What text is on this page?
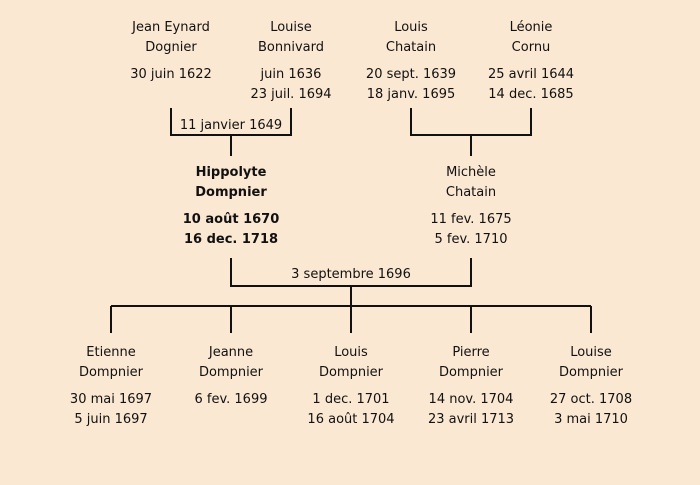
Jean Eynard
Dognier
30 juin 1622
Louise
Bonnivard
juin 1636
23 juil. 1694
Louis
Chatain
20 sept. 1639
18 janv. 1695
Léonie
Cornu
25 avril 1644
14 dec. 1685
11 janvier 1649
Hippolyte
Dompnier
10 août 1670
16 dec. 1718
Michèle
Chatain
11 fev. 1675
5 fev. 1710
3 septembre 1696
Etienne
Dompnier
30 mai 1697
5 juin 1697
Jeanne
Dompnier
6 fev. 1699
Louis
Dompnier
1 dec. 1701
16 août 1704
Pierre
Dompnier
14 nov. 1704
23 avril 1713
Louise
Dompnier
27 oct. 1708
3 mai 1710
